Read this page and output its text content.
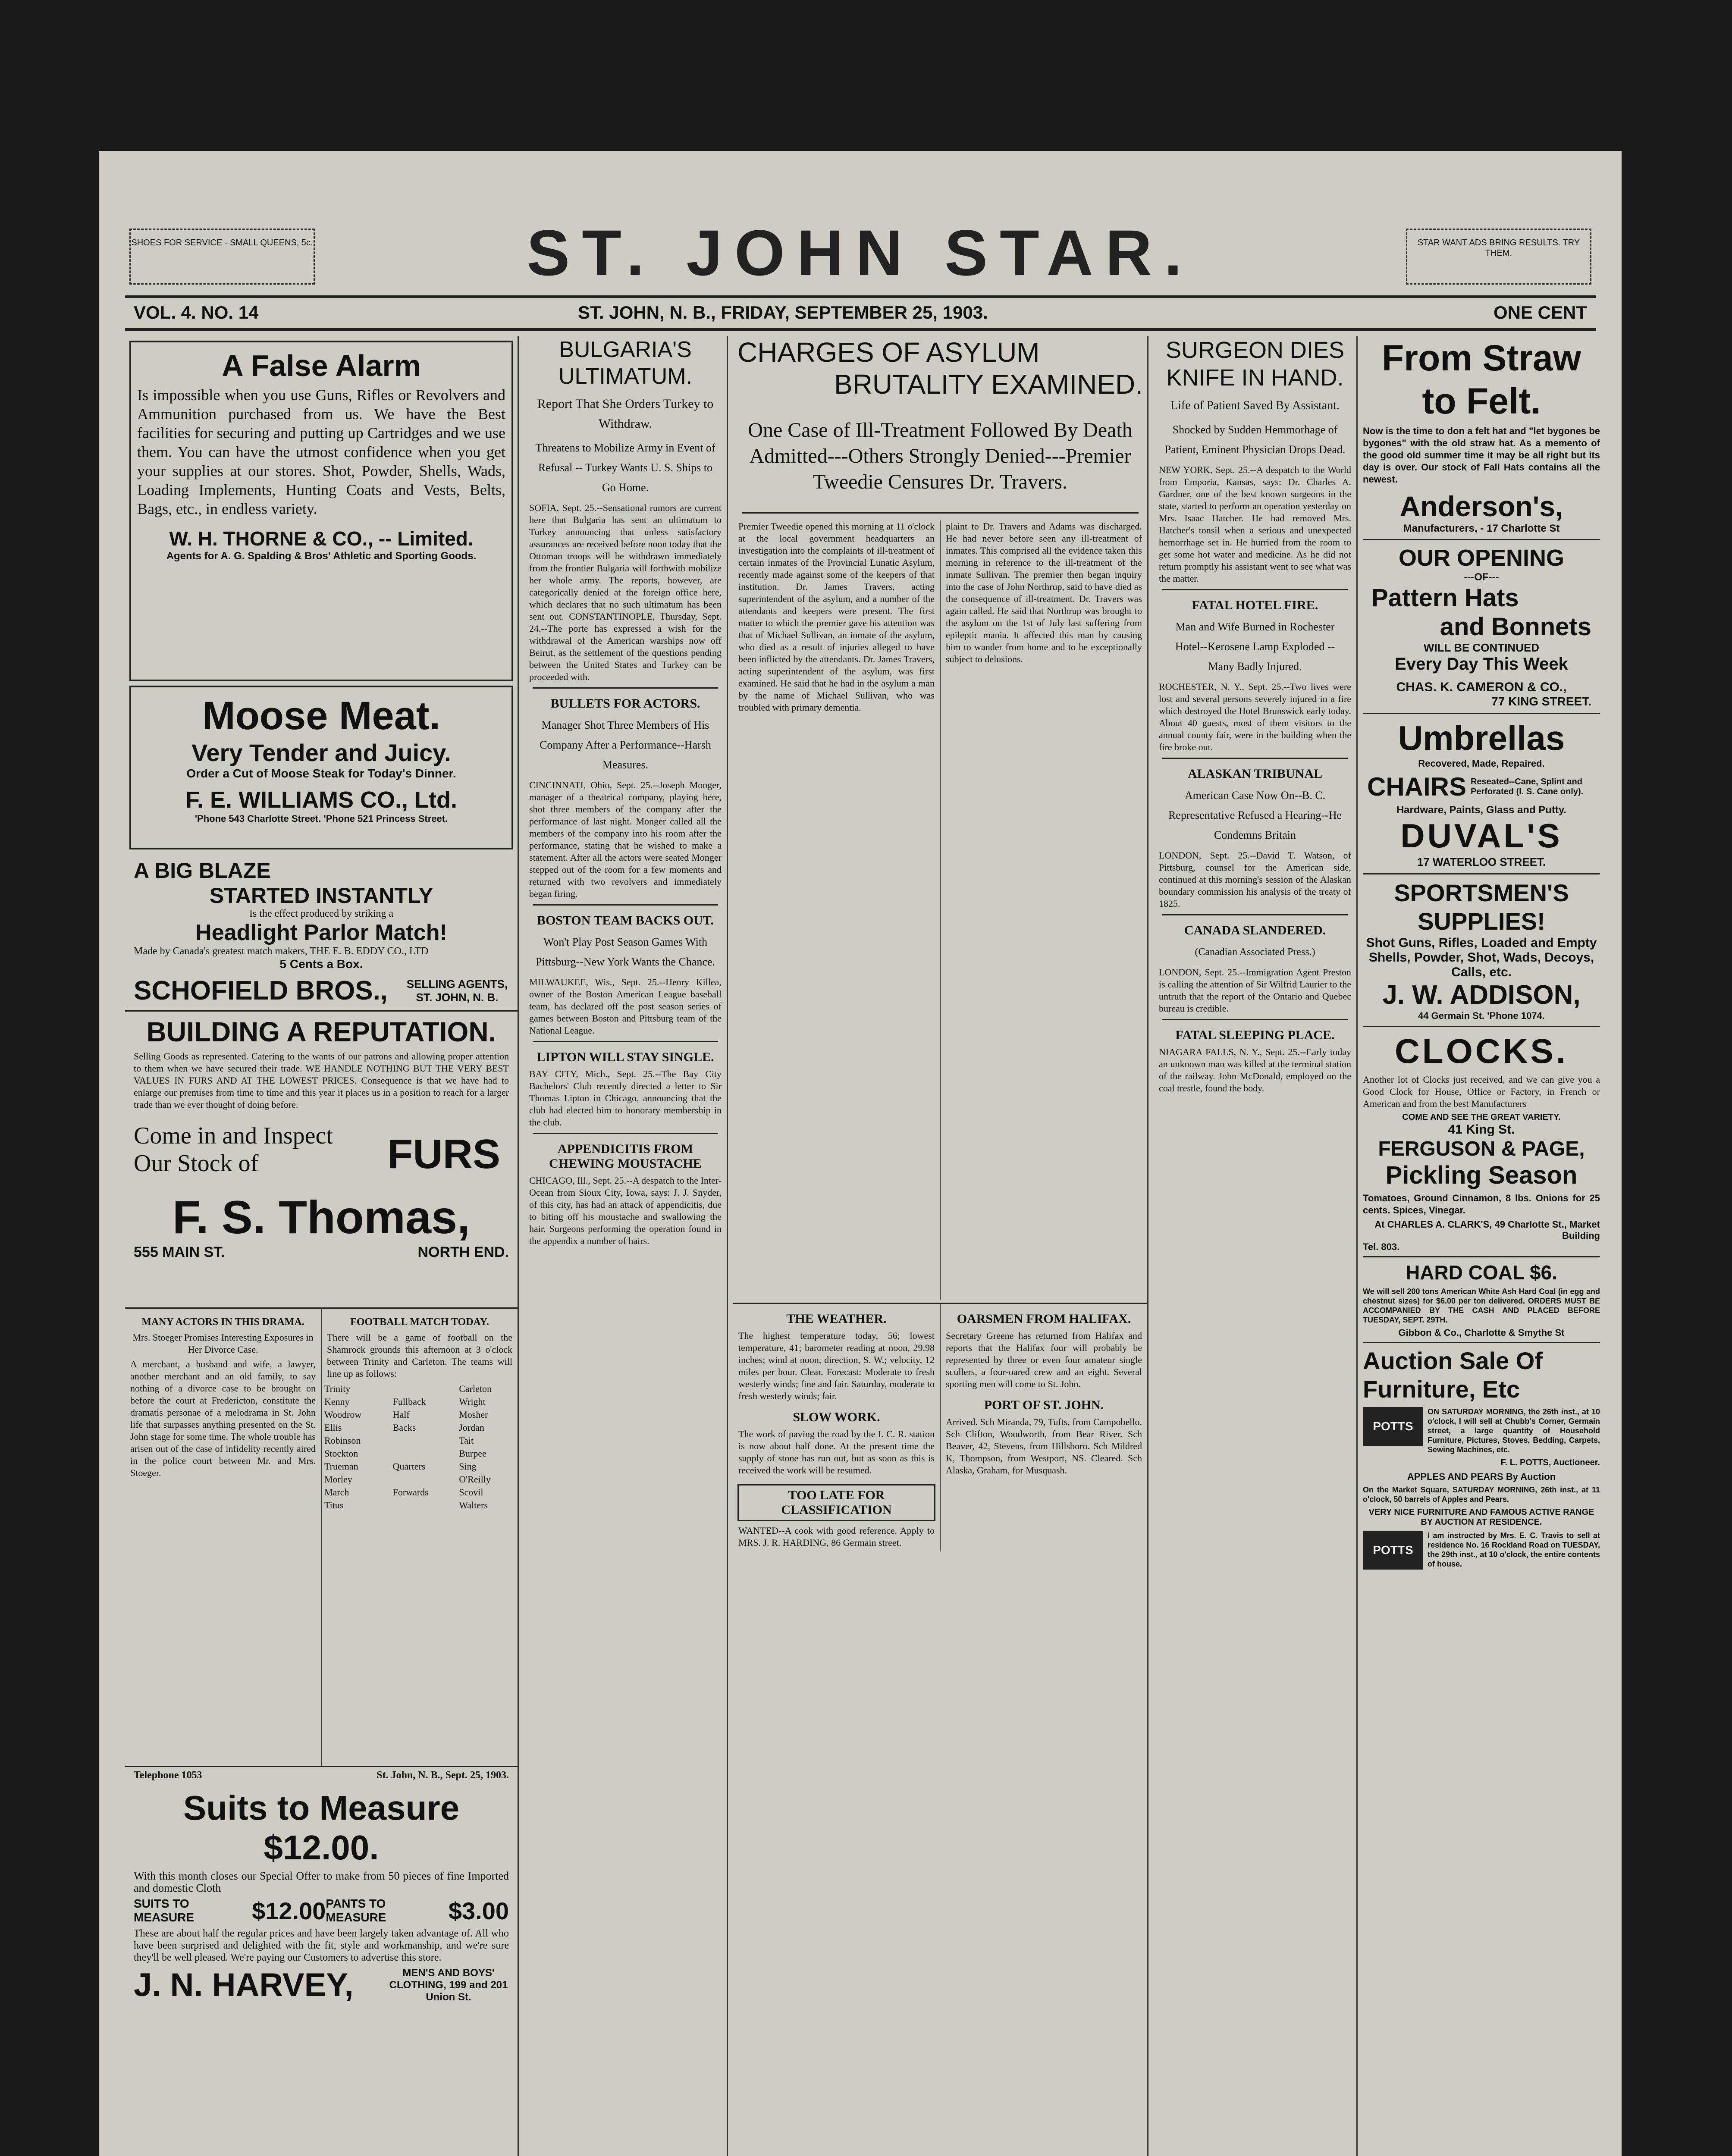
SHOES FOR SERVICE - SMALL QUEENS, 5c.	ST. JOHN STAR.	STAR WANT ADS BRING RESULTS. TRY THEM.
VOL. 4. NO. 14	ST. JOHN, N. B., FRIDAY, SEPTEMBER 25, 1903.	ONE CENT
A False Alarm

Is impossible when you use Guns, Rifles or Revolvers and Ammunition purchased from us. We have the Best facilities for securing and putting up Cartridges and we use them. You can have the utmost confidence when you get your supplies at our stores. Shot, Powder, Shells, Wads, Loading Implements, Hunting Coats and Vests, Belts, Bags, etc., in endless variety.

W. H. THORNE & CO., -- Limited.
Agents for A. G. Spalding & Bros' Athletic and Sporting Goods.
Moose Meat.
Very Tender and Juicy.
Order a Cut of Moose Steak for Today's Dinner.
F. E. WILLIAMS CO., Ltd.
'Phone 543 Charlotte Street. 'Phone 521 Princess Street.
A BIG BLAZE
STARTED INSTANTLY
Is the effect produced by striking a
Headlight Parlor Match!
Made by Canada's greatest match makers, THE E. B. EDDY CO., LTD
5 Cents a Box.
SCHOFIELD BROS., SELLING AGENTS, ST. JOHN, N. B.
BUILDING A REPUTATION.

Selling Goods as represented. Catering to the wants of our patrons and allowing proper attention to them when we have secured their trade. WE HANDLE NOTHING BUT THE VERY BEST VALUES IN FURS AND AT THE LOWEST PRICES. Consequence is that we have had to enlarge our premises from time to time and this year it places us in a position to reach for a larger trade than we ever thought of doing before.

Come in and Inspect
Our Stock of	FURS
F. S. Thomas,
555 MAIN ST.	NORTH END.
MANY ACTORS IN THIS DRAMA.
Mrs. Stoeger Promises Interesting Exposures in Her Divorce Case.

A merchant, a husband and wife, a lawyer, another merchant and an old family, to say nothing of a divorce case to be brought on before the court at Fredericton, constitute the dramatis personae of a melodrama in St. John life that surpasses anything presented on the St. John stage for some time. The whole trouble has arisen out of the case of infidelity recently aired in the police court between Mr. and Mrs. Stoeger.

FOOTBALL MATCH TODAY.

There will be a game of football on the Shamrock grounds this afternoon at 3 o'clock between Trinity and Carleton. The teams will line up as follows:

Trinity		Carleton
Kenny	Fullback	Wright
Woodrow	Half	Mosher
Ellis	Backs	Jordan
Robinson		Tait
Stockton		Burpee
Trueman	Quarters	Sing
Morley		O'Reilly
March	Forwards	Scovil
Titus		Walters
Telephone 1053	St. John, N. B., Sept. 25, 1903.
Suits to Measure $12.00.

With this month closes our Special Offer to make from 50 pieces of fine Imported and domestic Cloth

SUITS TO MEASURE	$12.00 PANTS TO MEASURE	$3.00

These are about half the regular prices and have been largely taken advantage of. All who have been surprised and delighted with the fit, style and workmanship, and we're sure they'll be well pleased. We're paying our Customers to advertise this store.

J. N. HARVEY,	MEN'S AND BOYS' CLOTHING, 199 and 201 Union St.
BULGARIA'S ULTIMATUM.
Report That She Orders Turkey to Withdraw.
Threatens to Mobilize Army in Event of Refusal -- Turkey Wants U. S. Ships to Go Home.

SOFIA, Sept. 25.--Sensational rumors are current here that Bulgaria has sent an ultimatum to Turkey announcing that unless satisfactory assurances are received before noon today that the Ottoman troops will be withdrawn immediately from the frontier Bulgaria will forthwith mobilize her whole army. The reports, however, are categorically denied at the foreign office here, which declares that no such ultimatum has been sent out. CONSTANTINOPLE, Thursday, Sept. 24.--The porte has expressed a wish for the withdrawal of the American warships now off Beirut, as the settlement of the questions pending between the United States and Turkey can be proceeded with.

BULLETS FOR ACTORS.
Manager Shot Three Members of His Company After a Performance--Harsh Measures.

CINCINNATI, Ohio, Sept. 25.--Joseph Monger, manager of a theatrical company, playing here, shot three members of the company after the performance of last night. Monger called all the members of the company into his room after the performance, stating that he wished to make a statement. After all the actors were seated Monger stepped out of the room for a few moments and returned with two revolvers and immediately began firing.

BOSTON TEAM BACKS OUT.
Won't Play Post Season Games With Pittsburg--New York Wants the Chance.

MILWAUKEE, Wis., Sept. 25.--Henry Killea, owner of the Boston American League baseball team, has declared off the post season series of games between Boston and Pittsburg team of the National League.

LIPTON WILL STAY SINGLE.

BAY CITY, Mich., Sept. 25.--The Bay City Bachelors' Club recently directed a letter to Sir Thomas Lipton in Chicago, announcing that the club had elected him to honorary membership in the club.

APPENDICITIS FROM CHEWING MOUSTACHE

CHICAGO, Ill., Sept. 25.--A despatch to the Inter-Ocean from Sioux City, Iowa, says: J. J. Snyder, of this city, has had an attack of appendicitis, due to biting off his moustache and swallowing the hair. Surgeons performing the operation found in the appendix a number of hairs.

CHARGES OF ASYLUM
BRUTALITY EXAMINED.
One Case of Ill-Treatment Followed By Death Admitted---Others Strongly Denied---Premier Tweedie Censures Dr. Travers.

Premier Tweedie opened this morning at 11 o'clock at the local government headquarters an investigation into the complaints of ill-treatment of certain inmates of the Provincial Lunatic Asylum, recently made against some of the keepers of that institution. Dr. James Travers, acting superintendent of the asylum, and a number of the attendants and keepers were present. The first matter to which the premier gave his attention was that of Michael Sullivan, an inmate of the asylum, who died as a result of injuries alleged to have been inflicted by the attendants. Dr. James Travers, acting superintendent of the asylum, was first examined. He said that he had in the asylum a man by the name of Michael Sullivan, who was troubled with primary dementia.

plaint to Dr. Travers and Adams was discharged. He had never before seen any ill-treatment of inmates. This comprised all the evidence taken this morning in reference to the ill-treatment of the inmate Sullivan. The premier then began inquiry into the case of John Northrup, said to have died as the consequence of ill-treatment. Dr. Travers was again called. He said that Northrup was brought to the asylum on the 1st of July last suffering from epileptic mania. It affected this man by causing him to wander from home and to be exceptionally subject to delusions.

THE WEATHER.

The highest temperature today, 56; lowest temperature, 41; barometer reading at noon, 29.98 inches; wind at noon, direction, S. W.; velocity, 12 miles per hour. Clear. Forecast: Moderate to fresh westerly winds; fine and fair. Saturday, moderate to fresh westerly winds; fair.

SLOW WORK.

The work of paving the road by the I. C. R. station is now about half done. At the present time the supply of stone has run out, but as soon as this is received the work will be resumed.

TOO LATE FOR CLASSIFICATION

WANTED--A cook with good reference. Apply to MRS. J. R. HARDING, 86 Germain street.

OARSMEN FROM HALIFAX.

Secretary Greene has returned from Halifax and reports that the Halifax four will probably be represented by three or even four amateur single scullers, a four-oared crew and an eight. Several sporting men will come to St. John.

PORT OF ST. JOHN.

Arrived. Sch Miranda, 79, Tufts, from Campobello. Sch Clifton, Woodworth, from Bear River. Sch Beaver, 42, Stevens, from Hillsboro. Sch Mildred K, Thompson, from Westport, NS. Cleared. Sch Alaska, Graham, for Musquash.

SURGEON DIES KNIFE IN HAND.
Life of Patient Saved By Assistant.
Shocked by Sudden Hemmorhage of Patient, Eminent Physician Drops Dead.

NEW YORK, Sept. 25.--A despatch to the World from Emporia, Kansas, says: Dr. Charles A. Gardner, one of the best known surgeons in the state, started to perform an operation yesterday on Mrs. Isaac Hatcher. He had removed Mrs. Hatcher's tonsil when a serious and unexpected hemorrhage set in. He hurried from the room to get some hot water and medicine. As he did not return promptly his assistant went to see what was the matter.

FATAL HOTEL FIRE.
Man and Wife Burned in Rochester Hotel--Kerosene Lamp Exploded --Many Badly Injured.

ROCHESTER, N. Y., Sept. 25.--Two lives were lost and several persons severely injured in a fire which destroyed the Hotel Brunswick early today. About 40 guests, most of them visitors to the annual county fair, were in the building when the fire broke out.

ALASKAN TRIBUNAL
American Case Now On--B. C. Representative Refused a Hearing--He Condemns Britain

LONDON, Sept. 25.--David T. Watson, of Pittsburg, counsel for the American side, continued at this morning's session of the Alaskan boundary commission his analysis of the treaty of 1825.

CANADA SLANDERED.
(Canadian Associated Press.)

LONDON, Sept. 25.--Immigration Agent Preston is calling the attention of Sir Wilfrid Laurier to the untruth that the report of the Ontario and Quebec bureau is credible.

FATAL SLEEPING PLACE.

NIAGARA FALLS, N. Y., Sept. 25.--Early today an unknown man was killed at the terminal station of the railway. John McDonald, employed on the coal trestle, found the body.

From Straw
to Felt.

Now is the time to don a felt hat and "let bygones be bygones" with the old straw hat. As a memento of the good old summer time it may be all right but its day is over. Our stock of Fall Hats contains all the newest.

Anderson's,
Manufacturers, - 17 Charlotte St
OUR OPENING
---OF---
Pattern Hats
and Bonnets
WILL BE CONTINUED
Every Day This Week
CHAS. K. CAMERON & CO.,
77 KING STREET.
Umbrellas
Recovered, Made, Repaired.
CHAIRS Reseated--Cane, Splint and Perforated (I. S. Cane only).
Hardware, Paints, Glass and Putty.
DUVAL'S
17 WATERLOO STREET.
SPORTSMEN'S SUPPLIES!
Shot Guns, Rifles, Loaded and Empty Shells, Powder, Shot, Wads, Decoys, Calls, etc.
J. W. ADDISON,
44 Germain St. 'Phone 1074.
CLOCKS.

Another lot of Clocks just received, and we can give you a Good Clock for House, Office or Factory, in French or American and from the best Manufacturers

COME AND SEE THE GREAT VARIETY.
41 King St.
FERGUSON & PAGE,
Pickling Season

Tomatoes, Ground Cinnamon, 8 lbs. Onions for 25 cents. Spices, Vinegar.

At CHARLES A. CLARK'S, 49 Charlotte St., Market Building
Tel. 803.
HARD COAL $6.

We will sell 200 tons American White Ash Hard Coal (in egg and chestnut sizes) for $6.00 per ton delivered. ORDERS MUST BE ACCOMPANIED BY THE CASH AND PLACED BEFORE TUESDAY, SEPT. 29TH.

Gibbon & Co., Charlotte & Smythe St
Auction Sale Of Furniture, Etc
POTTS

ON SATURDAY MORNING, the 26th inst., at 10 o'clock, I will sell at Chubb's Corner, Germain street, a large quantity of Household Furniture, Pictures, Stoves, Bedding, Carpets, Sewing Machines, etc.

F. L. POTTS, Auctioneer.
APPLES AND PEARS By Auction

On the Market Square, SATURDAY MORNING, 26th inst., at 11 o'clock, 50 barrels of Apples and Pears.

VERY NICE FURNITURE AND FAMOUS ACTIVE RANGE BY AUCTION AT RESIDENCE.
POTTS

I am instructed by Mrs. E. C. Travis to sell at residence No. 16 Rockland Road on TUESDAY, the 29th inst., at 10 o'clock, the entire contents of house.
